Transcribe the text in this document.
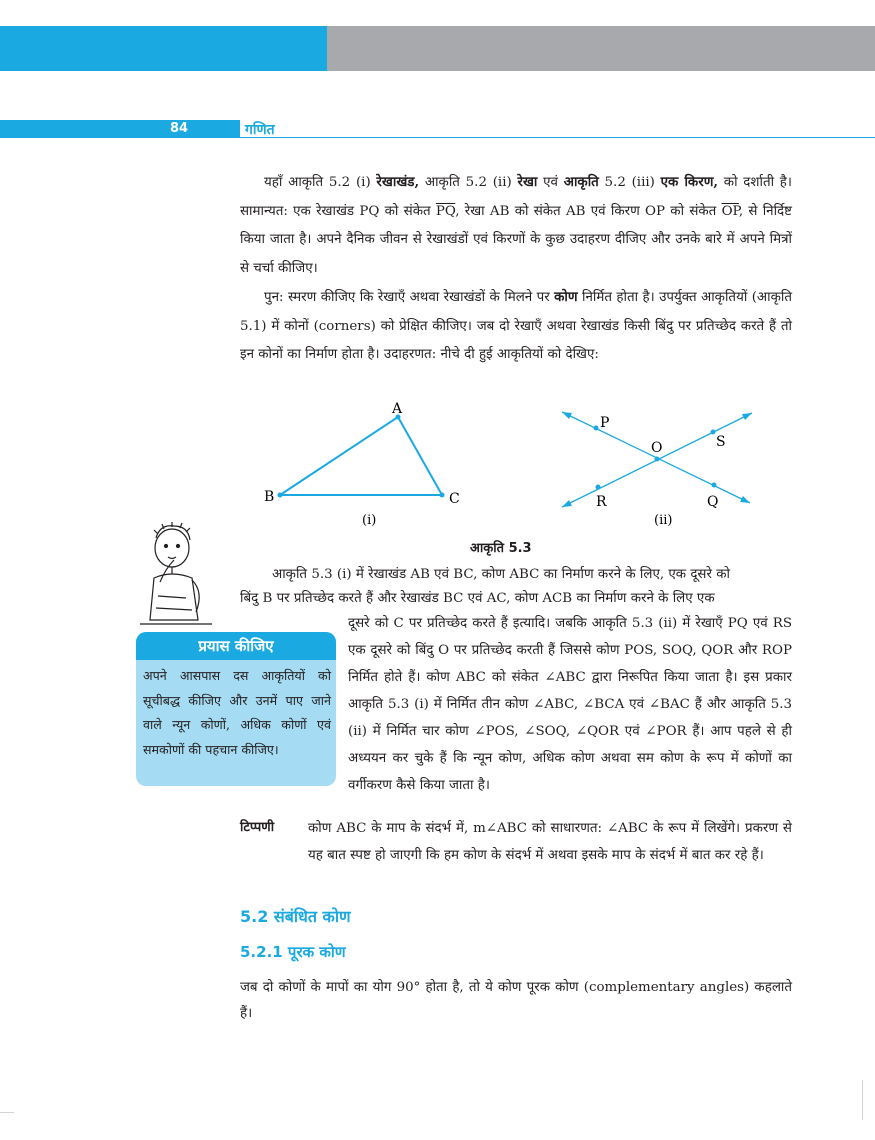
84	गणित
यहाँ आकृति 5.2 (i) रेखाखंड, आकृति 5.2 (ii) रेखा एवं आकृति 5.2 (iii) एक किरण, को दर्शाती है। सामान्यत: एक रेखाखंड PQ को संकेत $\overline{PQ}$, रेखा AB को संकेत AB एवं किरण OP को संकेत $\overline{OP}$, से निर्दिष्ट किया जाता है। अपने दैनिक जीवन से रेखाखंडों एवं किरणों के कुछ उदाहरण दीजिए और उनके बारे में अपने मित्रों से चर्चा कीजिए।
पुन: स्मरण कीजिए कि रेखाएँ अथवा रेखाखंडों के मिलने पर कोण निर्मित होता है। उपर्युक्त आकृतियों (आकृति 5.1) में कोनों (corners) को प्रेक्षित कीजिए। जब दो रेखाएँ अथवा रेखाखंड किसी बिंदु पर प्रतिच्छेद करते हैं तो इन कोनों का निर्माण होता है। उदाहरणत: नीचे दी हुई आकृतियों को देखिए:
A
B	C
(i)
P
O	S
R	Q
(ii)
आकृति 5.3
आकृति 5.3 (i) में रेखाखंड AB एवं BC, कोण ABC का निर्माण करने के लिए, एक दूसरे को
बिंदु B पर प्रतिच्छेद करते हैं और रेखाखंड BC एवं AC, कोण ACB का निर्माण करने के लिए एक
दूसरे को C पर प्रतिच्छेद करते हैं इत्यादि। जबकि आकृति 5.3 (ii) में रेखाएँ PQ एवं RS एक दूसरे को बिंदु O पर प्रतिच्छेद करती हैं जिससे कोण POS, SOQ, QOR और ROP निर्मित होते हैं। कोण ABC को संकेत ∠ABC द्वारा निरूपित किया जाता है। इस प्रकार आकृति 5.3 (i) में निर्मित तीन कोण ∠ABC, ∠BCA एवं ∠BAC हैं और आकृति 5.3 (ii) में निर्मित चार कोण ∠POS, ∠SOQ, ∠QOR एवं ∠POR हैं। आप पहले से ही अध्ययन कर चुके हैं कि न्यून कोण, अधिक कोण अथवा सम कोण के रूप में कोणों का वर्गीकरण कैसे किया जाता है।
प्रयास कीजिए
अपने आसपास दस आकृतियों को सूचीबद्ध कीजिए और उनमें पाए जाने वाले न्यून कोणों, अधिक कोणों एवं समकोणों की पहचान कीजिए।
टिप्पणी	कोण ABC के माप के संदर्भ में, m∠ABC को साधारणत: ∠ABC के रूप में लिखेंगे। प्रकरण से यह बात स्पष्ट हो जाएगी कि हम कोण के संदर्भ में अथवा इसके माप के संदर्भ में बात कर रहे हैं।
5.2 संबंधित कोण
5.2.1 पूरक कोण
जब दो कोणों के मापों का योग 90° होता है, तो ये कोण पूरक कोण (complementary angles) कहलाते हैं।
